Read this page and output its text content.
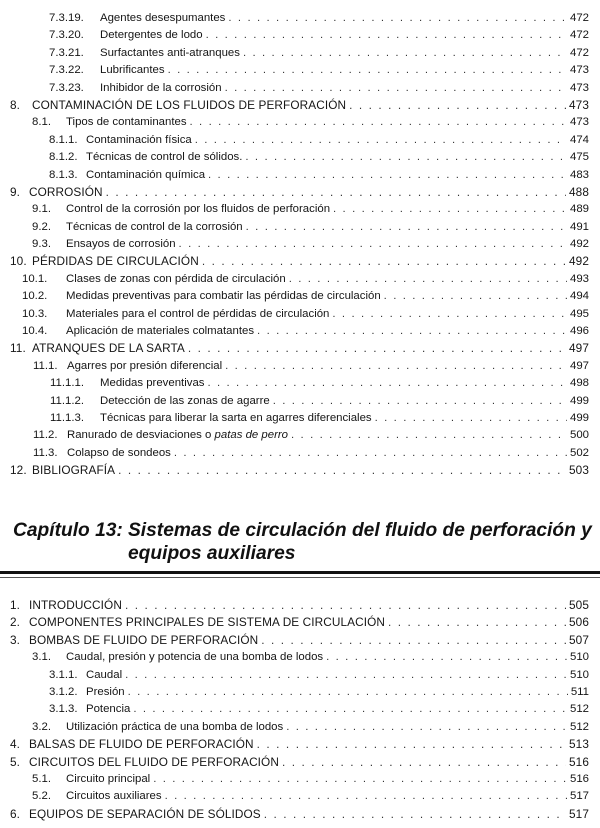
7.3.19. Agentes desespumantes . . .	472
7.3.20. Detergentes de lodo . . .	472
7.3.21. Surfactantes anti-atranques . . .	472
7.3.22. Lubrificantes . . .	473
7.3.23. Inhibidor de la corrosión . . .	473
8. CONTAMINACIÓN DE LOS FLUIDOS DE PERFORACIÓN . . .	473
8.1. Tipos de contaminantes . . .	473
8.1.1. Contaminación física . . .	474
8.1.2. Técnicas de control de sólidos. . . .	475
8.1.3. Contaminación química . . .	483
9. CORROSIÓN . . .	488
9.1. Control de la corrosión por los fluidos de perforación . . .	489
9.2. Técnicas de control de la corrosión . . .	491
9.3. Ensayos de corrosión . . .	492
10. PÉRDIDAS DE CIRCULACIÓN . . .	492
10.1. Clases de zonas con pérdida de circulación . . .	493
10.2. Medidas preventivas para combatir las pérdidas de circulación . . .	494
10.3. Materiales para el control de pérdidas de circulación . . .	495
10.4. Aplicación de materiales colmatantes . . .	496
11. ATRANQUES DE LA SARTA . . .	497
11.1. Agarres por presión diferencial . . .	497
11.1.1. Medidas preventivas . . .	498
11.1.2. Detección de las zonas de agarre . . .	499
11.1.3. Técnicas para liberar la sarta en agarres diferenciales . . .	499
11.2. Ranurado de desviaciones o patas de perro . . .	500
11.3. Colapso de sondeos . . .	502
12. BIBLIOGRAFÍA . . .	503
Capítulo 13: Sistemas de circulación del fluido de perforación y
equipos auxiliares
1. INTRODUCCIÓN . . .	505
2. COMPONENTES PRINCIPALES DE SISTEMA DE CIRCULACIÓN . . .	506
3. BOMBAS DE FLUIDO DE PERFORACIÓN . . .	507
3.1. Caudal, presión y potencia de una bomba de lodos . . .	510
3.1.1. Caudal . . .	510
3.1.2. Presión . . .	511
3.1.3. Potencia . . .	512
3.2. Utilización práctica de una bomba de lodos . . .	512
4. BALSAS DE FLUIDO DE PERFORACIÓN . . .	513
5. CIRCUITOS DEL FLUIDO DE PERFORACIÓN . . .	516
5.1. Circuito principal . . .	516
5.2. Circuitos auxiliares . . .	517
6. EQUIPOS DE SEPARACIÓN DE SÓLIDOS . . .	517
